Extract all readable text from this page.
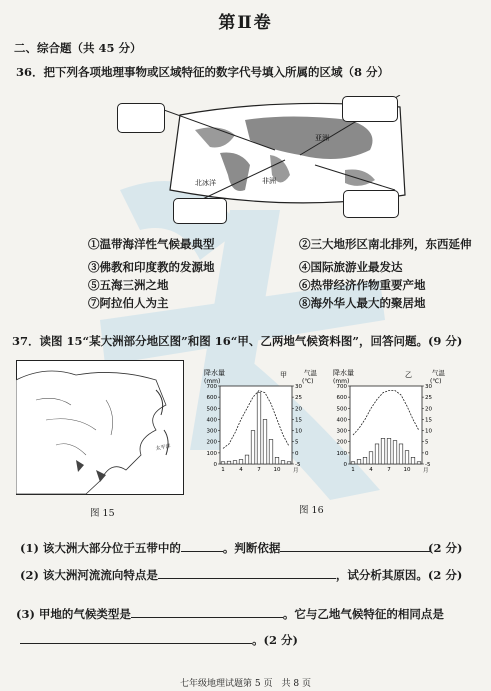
第Ⅱ卷
二、综合题（共 45 分）
36．把下列各项地理事物或区域特征的数字代号填入所属的区域（8 分）
北冰洋	非洲
亚洲
①温带海洋性气候最典型	②三大地形区南北排列，东西延伸
③佛教和印度教的发源地	④国际旅游业最发达
⑤五海三洲之地	⑥热带经济作物重要产地
⑦阿拉伯人为主	⑧海外华人最大的聚居地
37．读图 15“某大洲部分地区图”和图 16“甲、乙两地气候资料图”，回答问题。(9 分)
太平洋
图 15
降水量
(mm)
甲	气温
(℃)
降水量
(mm)
乙	气温
(℃)
700
600
500
400
300
200
100
0
30
25
20
15
10
5
0
-5
1	4	7 10 月
700
600
500
400
300
200
100
0
30
25
20
15
10
5
0
-5
1	4	7 10 月
图 16
(1) 该大洲大部分位于五带中的	。判断依据	(2 分)
(2) 该大洲河流流向特点是	，试分析其原因。(2 分)
(3) 甲地的气候类型是	。它与乙地气候特征的相同点是
。(2 分)
七年级地理试题第 5 页　共 8 页
